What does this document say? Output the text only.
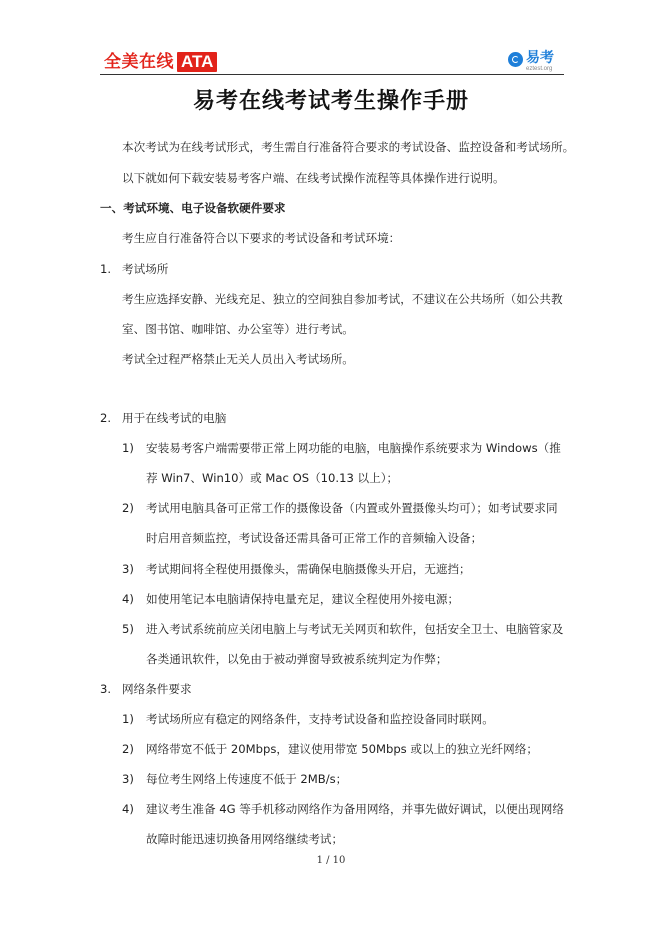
全美在线 ATA	易考
eztest.org
易考在线考试考生操作手册
本次考试为在线考试形式，考生需自行准备符合要求的考试设备、监控设备和考试场所。
以下就如何下载安装易考客户端、在线考试操作流程等具体操作进行说明。
一、考试环境、电子设备软硬件要求
考生应自行准备符合以下要求的考试设备和考试环境：
1. 考试场所
考生应选择安静、光线充足、独立的空间独自参加考试，不建议在公共场所（如公共教
室、图书馆、咖啡馆、办公室等）进行考试。
考试全过程严格禁止无关人员出入考试场所。
2. 用于在线考试的电脑
1) 安装易考客户端需要带正常上网功能的电脑，电脑操作系统要求为 Windows（推
荐 Win7、Win10）或 Mac OS（10.13 以上）；
2) 考试用电脑具备可正常工作的摄像设备（内置或外置摄像头均可）；如考试要求同
时启用音频监控，考试设备还需具备可正常工作的音频输入设备；
3) 考试期间将全程使用摄像头，需确保电脑摄像头开启，无遮挡；
4) 如使用笔记本电脑请保持电量充足，建议全程使用外接电源；
5) 进入考试系统前应关闭电脑上与考试无关网页和软件，包括安全卫士、电脑管家及
各类通讯软件，以免由于被动弹窗导致被系统判定为作弊；
3. 网络条件要求
1) 考试场所应有稳定的网络条件，支持考试设备和监控设备同时联网。
2) 网络带宽不低于 20Mbps，建议使用带宽 50Mbps 或以上的独立光纤网络；
3) 每位考生网络上传速度不低于 2MB/s；
4) 建议考生准备 4G 等手机移动网络作为备用网络，并事先做好调试，以便出现网络
故障时能迅速切换备用网络继续考试；
1 / 10
